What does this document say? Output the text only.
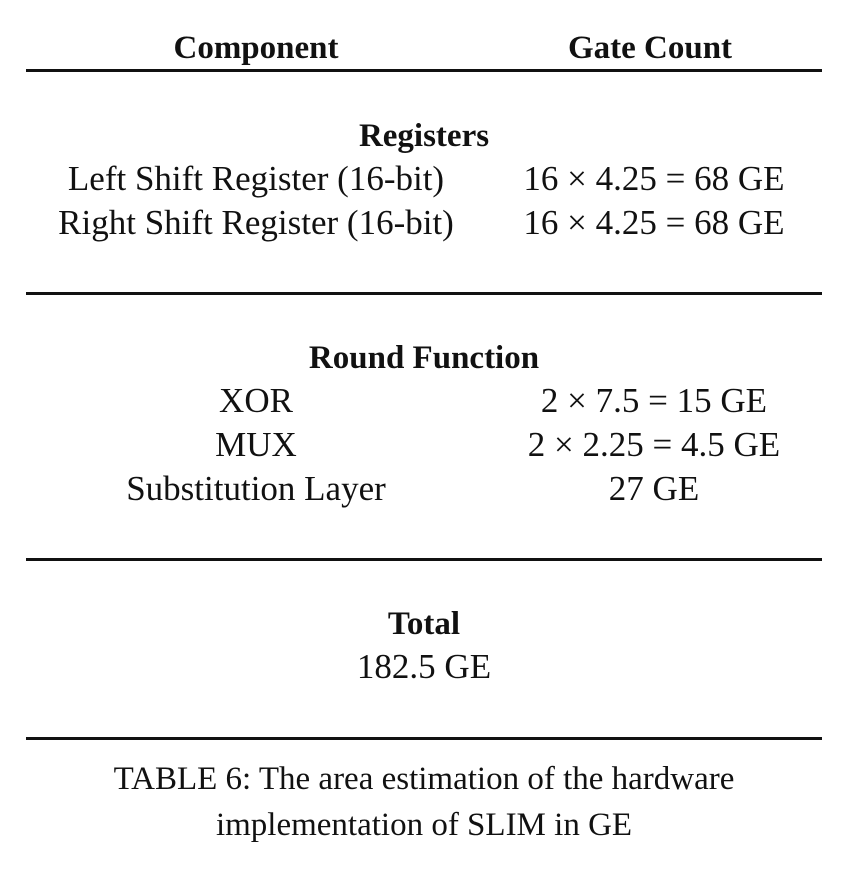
Component	Gate Count
Registers
Left Shift Register (16-bit) 16 × 4.25 = 68 GE
Right Shift Register (16-bit) 16 × 4.25 = 68 GE
Round Function
XOR	2 × 7.5 = 15 GE
MUX	2 × 2.25 = 4.5 GE
Substitution Layer	27 GE
Total
182.5 GE
TABLE 6: The area estimation of the hardware
implementation of SLIM in GE
